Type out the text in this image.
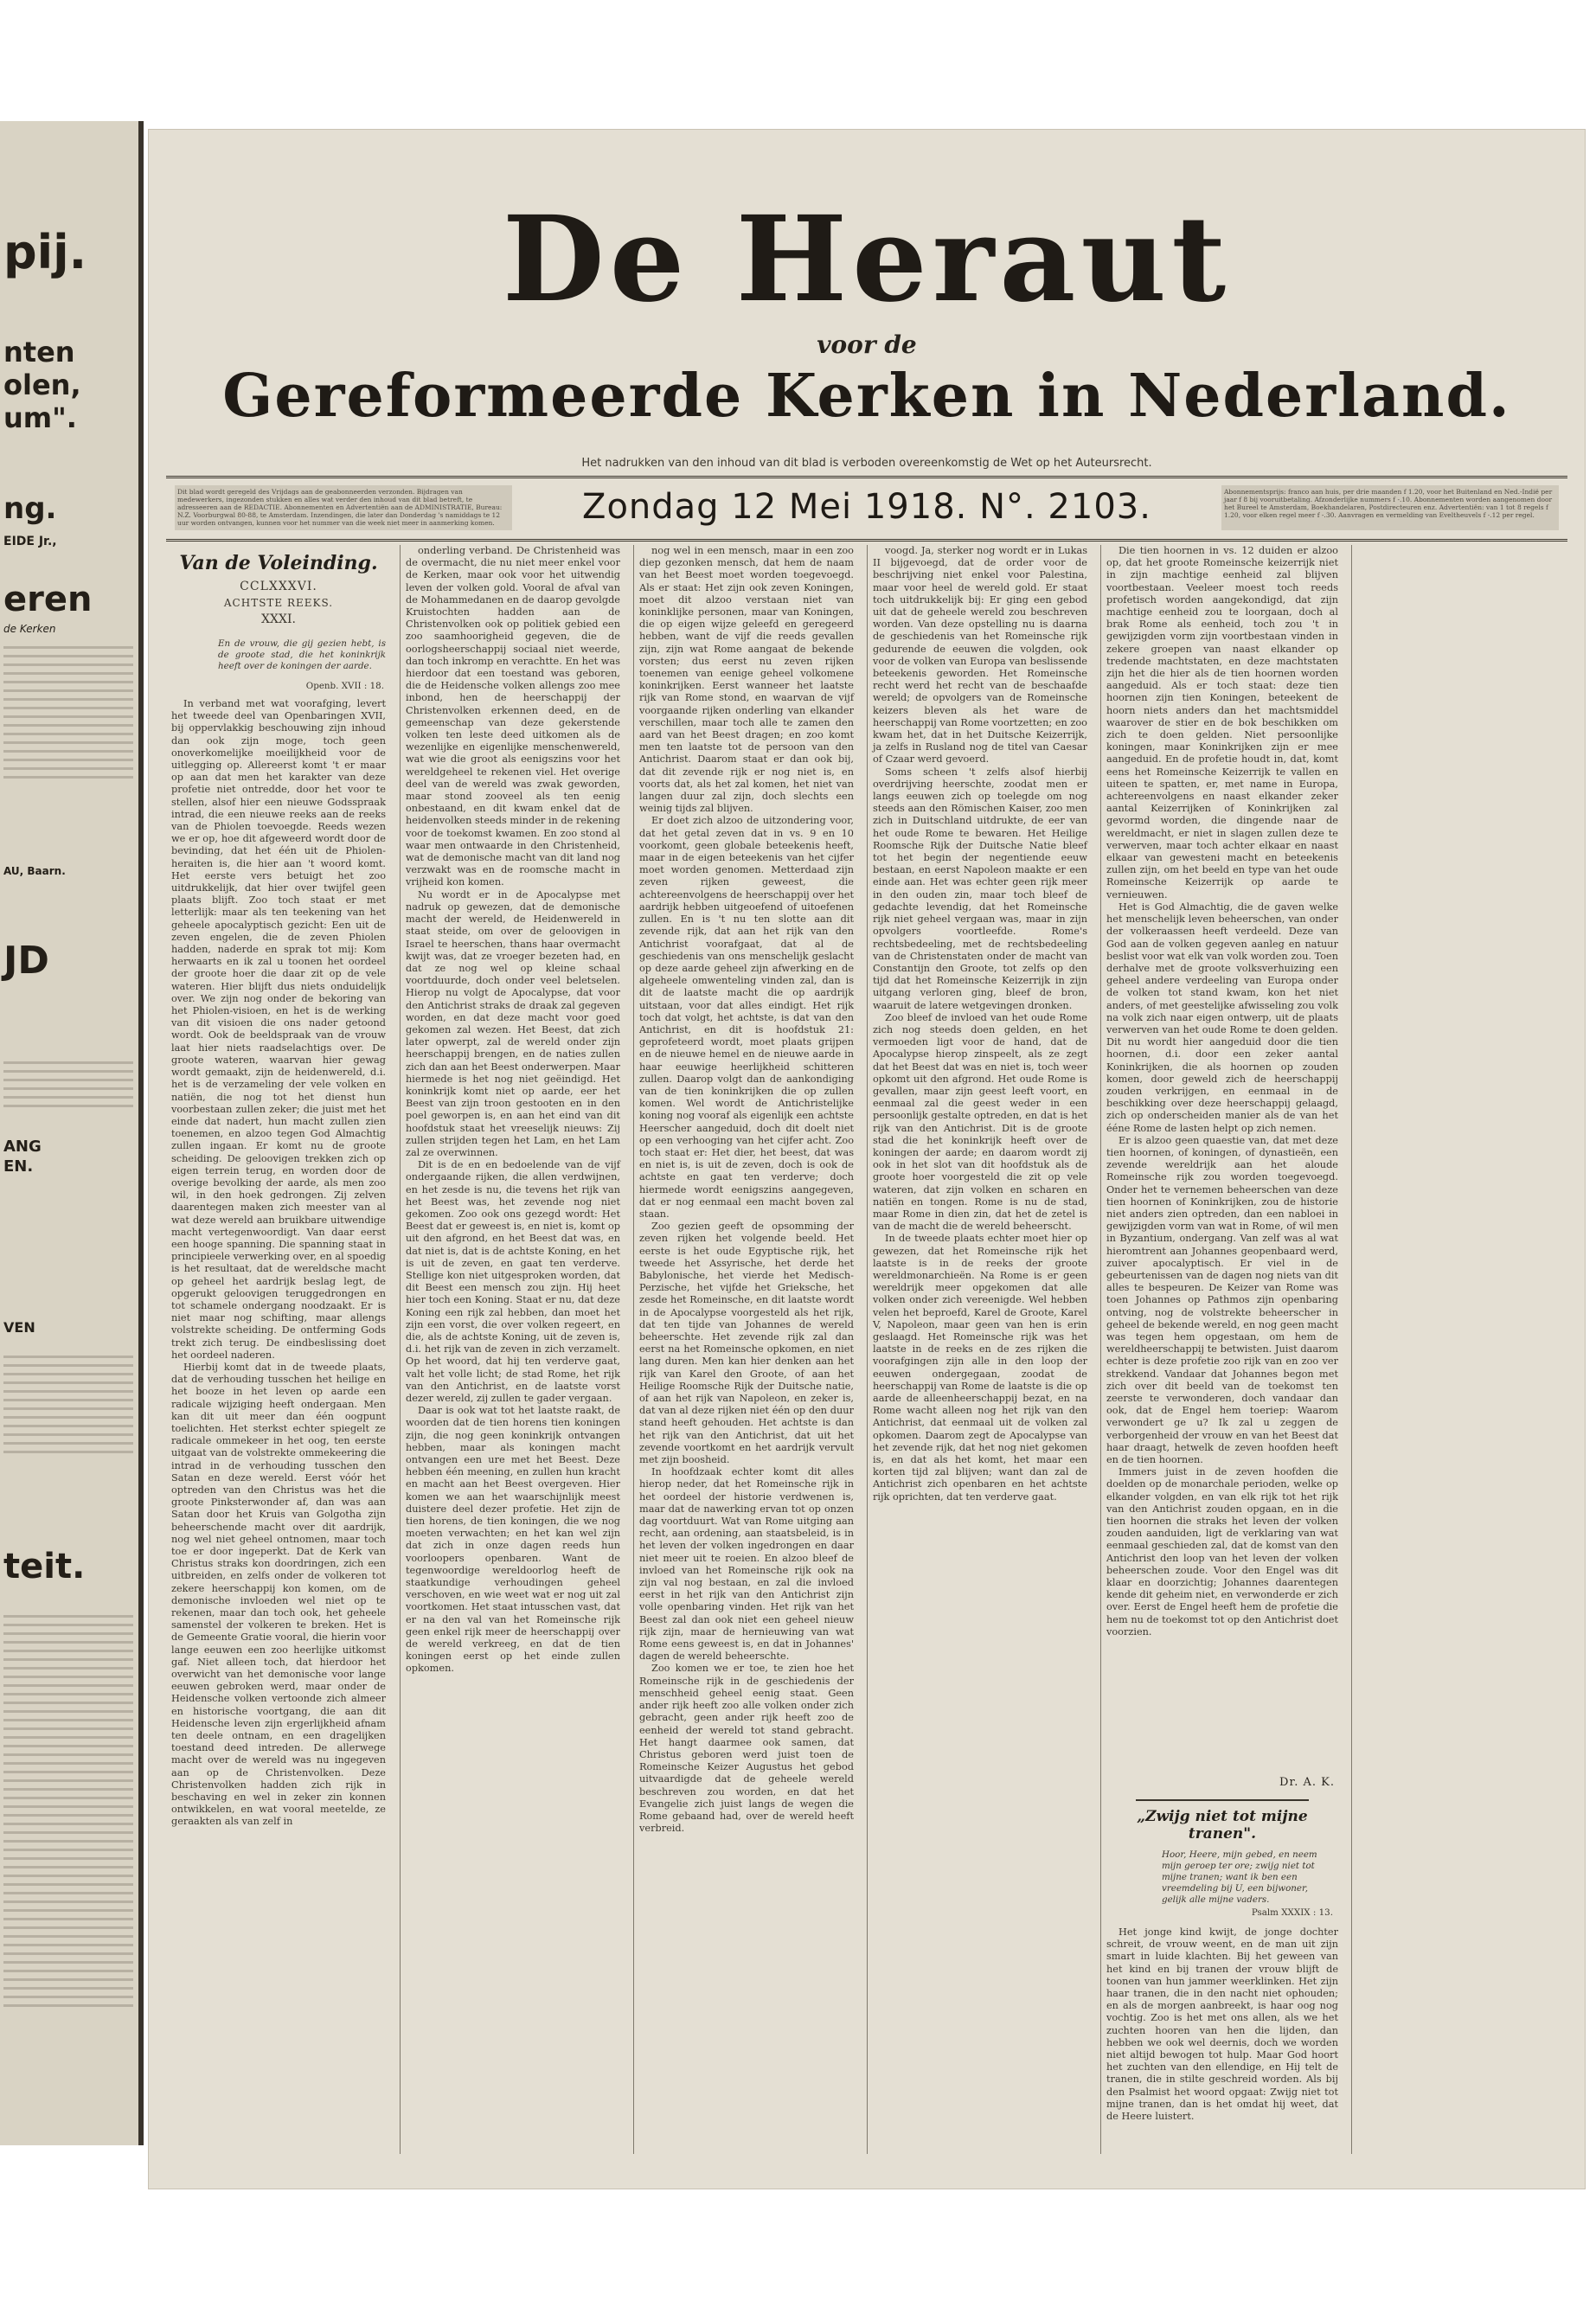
pij.
nten
olen,
um".
ng.
EIDE Jr.,
eren
de Kerken
AU, Baarn.
JD
ANG
EN.
VEN
teit.
De Heraut
voor de
Gereformeerde Kerken in Nederland.
Het nadrukken van den inhoud van dit blad is verboden overeenkomstig de Wet op het Auteursrecht.
Dit blad wordt geregeld des Vrijdags aan de geabonneerden verzonden. Bijdragen van medewerkers, ingezonden stukken en alles wat verder den inhoud van dit blad betreft, te adresseeren aan de REDACTIE. Abonnementen en Advertentiën aan de ADMINISTRATIE, Bureau: N.Z. Voorburgwal 80-88, te Amsterdam. Inzendingen, die later dan Donderdag 's namiddags te 12 uur worden ontvangen, kunnen voor het nummer van die week niet meer in aanmerking komen.	Zondag 12 Mei 1918. N°. 2103.	Abonnementsprijs: franco aan huis, per drie maanden f 1.20, voor het Buitenland en Ned.-Indië per jaar f 8 bij vooruitbetaling. Afzonderlijke nummers f -.10. Abonnementen worden aangenomen door het Bureel te Amsterdam, Boekhandelaren, Postdirecteuren enz. Advertentiën: van 1 tot 8 regels f 1.20, voor elken regel meer f -.30. Aanvragen en vermelding van Eveltheuvels f -.12 per regel.
Van de Voleinding.
CCLXXXVI.
ACHTSTE REEKS.
XXXI.
En de vrouw, die gij gezien hebt, is de groote stad, die het koninkrijk heeft over de koningen der aarde.
Openb. XVII : 18.

In verband met wat voorafging, levert het tweede deel van Openbaringen XVII, bij oppervlakkig beschouwing zijn inhoud dan ook zijn moge, toch geen onoverkomelijke moeilijkheid voor de uitlegging op. Allereerst komt 't er maar op aan dat men het karakter van deze profetie niet ontredde, door het voor te stellen, alsof hier een nieuwe Godsspraak intrad, die een nieuwe reeks aan de reeks van de Phiolen toevoegde. Reeds wezen we er op, hoe dit afgeweerd wordt door de bevinding, dat het één uit de Phiolen-heraiten is, die hier aan 't woord komt. Het eerste vers betuigt het zoo uitdrukkelijk, dat hier over twijfel geen plaats blijft. Zoo toch staat er met letterlijk: maar als ten teekening van het geheele apocalyptisch gezicht: Een uit de zeven engelen, die de zeven Phiolen hadden, naderde en sprak tot mij: Kom herwaarts en ik zal u toonen het oordeel der groote hoer die daar zit op de vele wateren. Hier blijft dus niets onduidelijk over. We zijn nog onder de bekoring van het Phiolen-visioen, en het is de werking van dit visioen die ons nader getoond wordt. Ook de beeldspraak van de vrouw laat hier niets raadselachtigs over. De groote wateren, waarvan hier gewag wordt gemaakt, zijn de heidenwereld, d.i. het is de verzameling der vele volken en natiën, die nog tot het dienst hun voorbestaan zullen zeker; die juist met het einde dat nadert, hun macht zullen zien toenemen, en alzoo tegen God Almachtig zullen ingaan. Er komt nu de groote scheiding. De geloovigen trekken zich op eigen terrein terug, en worden door de overige bevolking der aarde, als men zoo wil, in den hoek gedrongen. Zij zelven daarentegen maken zich meester van al wat deze wereld aan bruikbare uitwendige macht vertegenwoordigt. Van daar eerst een hooge spanning. Die spanning staat in principieele verwerking over, en al spoedig is het resultaat, dat de wereldsche macht op geheel het aardrijk beslag legt, de opgerukt geloovigen teruggedrongen en tot schamele ondergang noodzaakt. Er is niet maar nog schifting, maar allengs volstrekte scheiding. De ontferming Gods trekt zich terug. De eindbeslissing doet het oordeel naderen.

Hierbij komt dat in de tweede plaats, dat de verhouding tusschen het heilige en het booze in het leven op aarde een radicale wijziging heeft ondergaan. Men kan dit uit meer dan één oogpunt toelichten. Het sterkst echter spiegelt ze radicale ommekeer in het oog, ten eerste uitgaat van de volstrekte ommekeering die intrad in de verhouding tusschen den Satan en deze wereld. Eerst vóór het optreden van den Christus was het die groote Pinksterwonder af, dan was aan Satan door het Kruis van Golgotha zijn beheerschende macht over dit aardrijk, nog wel niet geheel ontnomen, maar toch toe er door ingeperkt. Dat de Kerk van Christus straks kon doordringen, zich een uitbreiden, en zelfs onder de volkeren tot zekere heerschappij kon komen, om de demonische invloeden wel niet op te rekenen, maar dan toch ook, het geheele samenstel der volkeren te breken. Het is de Gemeente Gratie vooral, die hierin voor lange eeuwen een zoo heerlijke uitkomst gaf. Niet alleen toch, dat hierdoor het overwicht van het demonische voor lange eeuwen gebroken werd, maar onder de Heidensche volken vertoonde zich almeer en historische voortgang, die aan dit Heidensche leven zijn ergerlijkheid afnam ten deele ontnam, en een dragelijken toestand deed intreden. De allerwege macht over de wereld was nu ingegeven aan op de Christenvolken. Deze Christenvolken hadden zich rijk in beschaving en wel in zeker zin konnen ontwikkelen, en wat vooral meetelde, ze geraakten als van zelf in

onderling verband. De Christenheid was de overmacht, die nu niet meer enkel voor de Kerken, maar ook voor het uitwendig leven der volken gold. Vooral de afval van de Mohammedanen en de daarop gevolgde Kruistochten hadden aan de Christenvolken ook op politiek gebied een zoo saamhoorigheid gegeven, die de oorlogsheerschappij sociaal niet weerde, dan toch inkromp en verachtte. En het was hierdoor dat een toestand was geboren, die de Heidensche volken allengs zoo mee inbond, hen de heerschappij der Christenvolken erkennen deed, en de gemeenschap van deze gekerstende volken ten leste deed uitkomen als de wezenlijke en eigenlijke menschenwereld, wat wie die groot als eenigszins voor het wereldgeheel te rekenen viel. Het overige deel van de wereld was zwak geworden, maar stond zooveel als ten eenig onbestaand, en dit kwam enkel dat de heidenvolken steeds minder in de rekening voor de toekomst kwamen. En zoo stond al waar men ontwaarde in den Christenheid, wat de demonische macht van dit land nog verzwakt was en de roomsche macht in vrijheid kon komen.

Nu wordt er in de Apocalypse met nadruk op gewezen, dat de demonische macht der wereld, de Heidenwereld in staat steide, om over de geloovigen in Israel te heerschen, thans haar overmacht kwijt was, dat ze vroeger bezeten had, en dat ze nog wel op kleine schaal voortduurde, doch onder veel beletselen. Hierop nu volgt de Apocalypse, dat voor den Antichrist straks de draak zal gegeven worden, en dat deze macht voor goed gekomen zal wezen. Het Beest, dat zich later opwerpt, zal de wereld onder zijn heerschappij brengen, en de naties zullen zich dan aan het Beest onderwerpen. Maar hiermede is het nog niet geëindigd. Het koninkrijk komt niet op aarde, eer het Beest van zijn troon gestooten en in den poel geworpen is, en aan het eind van dit hoofdstuk staat het vreeselijk nieuws: Zij zullen strijden tegen het Lam, en het Lam zal ze overwinnen.

Dit is de en en bedoelende van de vijf ondergaande rijken, die allen verdwijnen, en het zesde is nu, die tevens het rijk van het Beest was, het zevende nog niet gekomen. Zoo ook ons gezegd wordt: Het Beest dat er geweest is, en niet is, komt op uit den afgrond, en het Beest dat was, en dat niet is, dat is de achtste Koning, en het is uit de zeven, en gaat ten verderve. Stellige kon niet uitgesproken worden, dat dit Beest een mensch zou zijn. Hij heet hier toch een Koning. Staat er nu, dat deze Koning een rijk zal hebben, dan moet het zijn een vorst, die over volken regeert, en die, als de achtste Koning, uit de zeven is, d.i. het rijk van de zeven in zich verzamelt. Op het woord, dat hij ten verderve gaat, valt het volle licht; de stad Rome, het rijk van den Antichrist, en de laatste vorst dezer wereld, zij zullen te gader vergaan.

Daar is ook wat tot het laatste raakt, de woorden dat de tien horens tien koningen zijn, die nog geen koninkrijk ontvangen hebben, maar als koningen macht ontvangen een ure met het Beest. Deze hebben één meening, en zullen hun kracht en macht aan het Beest overgeven. Hier komen we aan het waarschijnlijk meest duistere deel dezer profetie. Het zijn de tien horens, de tien koningen, die we nog moeten verwachten; en het kan wel zijn dat zich in onze dagen reeds hun voorloopers openbaren. Want de tegenwoordige wereldoorlog heeft de staatkundige verhoudingen geheel verschoven, en wie weet wat er nog uit zal voortkomen. Het staat intusschen vast, dat er na den val van het Romeinsche rijk geen enkel rijk meer de heerschappij over de wereld verkreeg, en dat de tien koningen eerst op het einde zullen opkomen.

nog wel in een mensch, maar in een zoo diep gezonken mensch, dat hem de naam van het Beest moet worden toegevoegd. Als er staat: Het zijn ook zeven Koningen, moet dit alzoo verstaan niet van koninklijke personen, maar van Koningen, die op eigen wijze geleefd en geregeerd hebben, want de vijf die reeds gevallen zijn, zijn wat Rome aangaat de bekende vorsten; dus eerst nu zeven rijken toenemen van eenige geheel volkomene koninkrijken. Eerst wanneer het laatste rijk van Rome stond, en waarvan de vijf voorgaande rijken onderling van elkander verschillen, maar toch alle te zamen den aard van het Beest dragen; en zoo komt men ten laatste tot de persoon van den Antichrist. Daarom staat er dan ook bij, dat dit zevende rijk er nog niet is, en voorts dat, als het zal komen, het niet van langen duur zal zijn, doch slechts een weinig tijds zal blijven.

Er doet zich alzoo de uitzondering voor, dat het getal zeven dat in vs. 9 en 10 voorkomt, geen globale beteekenis heeft, maar in de eigen beteekenis van het cijfer moet worden genomen. Metterdaad zijn zeven rijken geweest, die achtereenvolgens de heerschappij over het aardrijk hebben uitgeoefend of uitoefenen zullen. En is 't nu ten slotte aan dit zevende rijk, dat aan het rijk van den Antichrist voorafgaat, dat al de geschiedenis van ons menschelijk geslacht op deze aarde geheel zijn afwerking en de algeheele omwenteling vinden zal, dan is dit de laatste macht die op aardrijk uitstaan, voor dat alles eindigt. Het rijk toch dat volgt, het achtste, is dat van den Antichrist, en dit is hoofdstuk 21: geprofeteerd wordt, moet plaats grijpen en de nieuwe hemel en de nieuwe aarde in haar eeuwige heerlijkheid schitteren zullen. Daarop volgt dan de aankondiging van de tien koninkrijken die op zullen komen. Wel wordt de Antichristelijke koning nog vooraf als eigenlijk een achtste Heerscher aangeduid, doch dit doelt niet op een verhooging van het cijfer acht. Zoo toch staat er: Het dier, het beest, dat was en niet is, is uit de zeven, doch is ook de achtste en gaat ten verderve; doch hiermede wordt eenigszins aangegeven, dat er nog eenmaal een macht boven zal staan.

Zoo gezien geeft de opsomming der zeven rijken het volgende beeld. Het eerste is het oude Egyptische rijk, het tweede het Assyrische, het derde het Babylonische, het vierde het Medisch-Perzische, het vijfde het Grieksche, het zesde het Romeinsche, en dit laatste wordt in de Apocalypse voorgesteld als het rijk, dat ten tijde van Johannes de wereld beheerschte. Het zevende rijk zal dan eerst na het Romeinsche opkomen, en niet lang duren. Men kan hier denken aan het rijk van Karel den Groote, of aan het Heilige Roomsche Rijk der Duitsche natie, of aan het rijk van Napoleon, en zeker is, dat van al deze rijken niet één op den duur stand heeft gehouden. Het achtste is dan het rijk van den Antichrist, dat uit het zevende voortkomt en het aardrijk vervult met zijn boosheid.

In hoofdzaak echter komt dit alles hierop neder, dat het Romeinsche rijk in het oordeel der historie verdwenen is, maar dat de nawerking ervan tot op onzen dag voortduurt. Wat van Rome uitging aan recht, aan ordening, aan staatsbeleid, is in het leven der volken ingedrongen en daar niet meer uit te roeien. En alzoo bleef de invloed van het Romeinsche rijk ook na zijn val nog bestaan, en zal die invloed eerst in het rijk van den Antichrist zijn volle openbaring vinden. Het rijk van het Beest zal dan ook niet een geheel nieuw rijk zijn, maar de hernieuwing van wat Rome eens geweest is, en dat in Johannes' dagen de wereld beheerschte.

Zoo komen we er toe, te zien hoe het Romeinsche rijk in de geschiedenis der menschheid geheel eenig staat. Geen ander rijk heeft zoo alle volken onder zich gebracht, geen ander rijk heeft zoo de eenheid der wereld tot stand gebracht. Het hangt daarmee ook samen, dat Christus geboren werd juist toen de Romeinsche Keizer Augustus het gebod uitvaardigde dat de geheele wereld beschreven zou worden, en dat het Evangelie zich juist langs de wegen die Rome gebaand had, over de wereld heeft verbreid.

voogd. Ja, sterker nog wordt er in Lukas II bijgevoegd, dat de order voor de beschrijving niet enkel voor Palestina, maar voor heel de wereld gold. Er staat toch uitdrukkelijk bij: Er ging een gebod uit dat de geheele wereld zou beschreven worden. Van deze opstelling nu is daarna de geschiedenis van het Romeinsche rijk gedurende de eeuwen die volgden, ook voor de volken van Europa van beslissende beteekenis geworden. Het Romeinsche recht werd het recht van de beschaafde wereld; de opvolgers van de Romeinsche keizers bleven als het ware de heerschappij van Rome voortzetten; en zoo kwam het, dat in het Duitsche Keizerrijk, ja zelfs in Rusland nog de titel van Caesar of Czaar werd gevoerd.

Soms scheen 't zelfs alsof hierbij overdrijving heerschte, zoodat men er langs eeuwen zich op toelegde om nog steeds aan den Römischen Kaiser, zoo men zich in Duitschland uitdrukte, de eer van het oude Rome te bewaren. Het Heilige Roomsche Rijk der Duitsche Natie bleef tot het begin der negentiende eeuw bestaan, en eerst Napoleon maakte er een einde aan. Het was echter geen rijk meer in den ouden zin, maar toch bleef de gedachte levendig, dat het Romeinsche rijk niet geheel vergaan was, maar in zijn opvolgers voortleefde. Rome's rechtsbedeeling, met de rechtsbedeeling van de Christenstaten onder de macht van Constantijn den Groote, tot zelfs op den tijd dat het Romeinsche Keizerrijk in zijn uitgang verloren ging, bleef de bron, waaruit de latere wetgevingen dronken.

Zoo bleef de invloed van het oude Rome zich nog steeds doen gelden, en het vermoeden ligt voor de hand, dat de Apocalypse hierop zinspeelt, als ze zegt dat het Beest dat was en niet is, toch weer opkomt uit den afgrond. Het oude Rome is gevallen, maar zijn geest leeft voort, en eenmaal zal die geest weder in een persoonlijk gestalte optreden, en dat is het rijk van den Antichrist. Dit is de groote stad die het koninkrijk heeft over de koningen der aarde; en daarom wordt zij ook in het slot van dit hoofdstuk als de groote hoer voorgesteld die zit op vele wateren, dat zijn volken en scharen en natiën en tongen. Rome is nu de stad, maar Rome in dien zin, dat het de zetel is van de macht die de wereld beheerscht.

In de tweede plaats echter moet hier op gewezen, dat het Romeinsche rijk het laatste is in de reeks der groote wereldmonarchieën. Na Rome is er geen wereldrijk meer opgekomen dat alle volken onder zich vereenigde. Wel hebben velen het beproefd, Karel de Groote, Karel V, Napoleon, maar geen van hen is erin geslaagd. Het Romeinsche rijk was het laatste in de reeks en de zes rijken die voorafgingen zijn alle in den loop der eeuwen ondergegaan, zoodat de heerschappij van Rome de laatste is die op aarde de alleenheerschappij bezat, en na Rome wacht alleen nog het rijk van den Antichrist, dat eenmaal uit de volken zal opkomen. Daarom zegt de Apocalypse van het zevende rijk, dat het nog niet gekomen is, en dat als het komt, het maar een korten tijd zal blijven; want dan zal de Antichrist zich openbaren en het achtste rijk oprichten, dat ten verderve gaat.

Die tien hoornen in vs. 12 duiden er alzoo op, dat het groote Romeinsche keizerrijk niet in zijn machtige eenheid zal blijven voortbestaan. Veeleer moest toch reeds profetisch worden aangekondigd, dat zijn machtige eenheid zou te loorgaan, doch al brak Rome als eenheid, toch zou 't in gewijzigden vorm zijn voortbestaan vinden in zekere groepen van naast elkander op tredende machtstaten, en deze machtstaten zijn het die hier als de tien hoornen worden aangeduid. Als er toch staat: deze tien hoornen zijn tien Koningen, beteekent de hoorn niets anders dan het machtsmiddel waarover de stier en de bok beschikken om zich te doen gelden. Niet persoonlijke koningen, maar Koninkrijken zijn er mee aangeduid. En de profetie houdt in, dat, komt eens het Romeinsche Keizerrijk te vallen en uiteen te spatten, er, met name in Europa, achtereenvolgens en naast elkander zeker aantal Keizerrijken of Koninkrijken zal gevormd worden, die dingende naar de wereldmacht, er niet in slagen zullen deze te verwerven, maar toch achter elkaar en naast elkaar van gewesteni macht en beteekenis zullen zijn, om het beeld en type van het oude Romeinsche Keizerrijk op aarde te vernieuwen.

Het is God Almachtig, die de gaven welke het menschelijk leven beheerschen, van onder der volkeraassen heeft verdeeld. Deze van God aan de volken gegeven aanleg en natuur beslist voor wat elk van volk worden zou. Toen derhalve met de groote volksverhuizing een geheel andere verdeeling van Europa onder de volken tot stand kwam, kon het niet anders, of met geestelijke afwisseling zou volk na volk zich naar eigen ontwerp, uit de plaats verwerven van het oude Rome te doen gelden. Dit nu wordt hier aangeduid door die tien hoornen, d.i. door een zeker aantal Koninkrijken, die als hoornen op zouden komen, door geweld zich de heerschappij zouden verkrijgen, en eenmaal in de beschikking over deze heerschappij gelaagd, zich op onderscheiden manier als de van het ééne Rome de lasten helpt op zich nemen.

Er is alzoo geen quaestie van, dat met deze tien hoornen, of koningen, of dynastieën, een zevende wereldrijk aan het aloude Romeinsche rijk zou worden toegevoegd. Onder het te vernemen beheerschen van deze tien hoornen of Koninkrijken, zou de historie niet anders zien optreden, dan een nabloei in gewijzigden vorm van wat in Rome, of wil men in Byzantium, ondergang. Van zelf was al wat hieromtrent aan Johannes geopenbaard werd, zuiver apocalyptisch. Er viel in de gebeurtenissen van de dagen nog niets van dit alles te bespeuren. De Keizer van Rome was toen Johannes op Pathmos zijn openbaring ontving, nog de volstrekte beheerscher in geheel de bekende wereld, en nog geen macht was tegen hem opgestaan, om hem de wereldheerschappij te betwisten. Juist daarom echter is deze profetie zoo rijk van en zoo ver strekkend. Vandaar dat Johannes begon met zich over dit beeld van de toekomst ten zeerste te verwonderen, doch vandaar dan ook, dat de Engel hem toeriep: Waarom verwondert ge u? Ik zal u zeggen de verborgenheid der vrouw en van het Beest dat haar draagt, hetwelk de zeven hoofden heeft en de tien hoornen.

Immers juist in de zeven hoofden die doelden op de monarchale perioden, welke op elkander volgden, en van elk rijk tot het rijk van den Antichrist zouden opgaan, en in die tien hoornen die straks het leven der volken zouden aanduiden, ligt de verklaring van wat eenmaal geschieden zal, dat de komst van den Antichrist den loop van het leven der volken beheerschen zoude. Voor den Engel was dit klaar en doorzichtig; Johannes daarentegen kende dit geheim niet, en verwonderde er zich over. Eerst de Engel heeft hem de profetie die hem nu de toekomst tot op den Antichrist doet voorzien.

Dr. A. K.
„Zwijg niet tot mijne tranen".
Hoor, Heere, mijn gebed, en neem mijn geroep ter ore; zwijg niet tot mijne tranen; want ik ben een vreemdeling bij U, een bijwoner, gelijk alle mijne vaders.
Psalm XXXIX : 13.

Het jonge kind kwijt, de jonge dochter schreit, de vrouw weent, en de man uit zijn smart in luide klachten. Bij het geween van het kind en bij tranen der vrouw blijft de toonen van hun jammer weerklinken. Het zijn haar tranen, die in den nacht niet ophouden; en als de morgen aanbreekt, is haar oog nog vochtig. Zoo is het met ons allen, als we het zuchten hooren van hen die lijden, dan hebben we ook wel deernis, doch we worden niet altijd bewogen tot hulp. Maar God hoort het zuchten van den ellendige, en Hij telt de tranen, die in stilte geschreid worden. Als bij den Psalmist het woord opgaat: Zwijg niet tot mijne tranen, dan is het omdat hij weet, dat de Heere luistert.
